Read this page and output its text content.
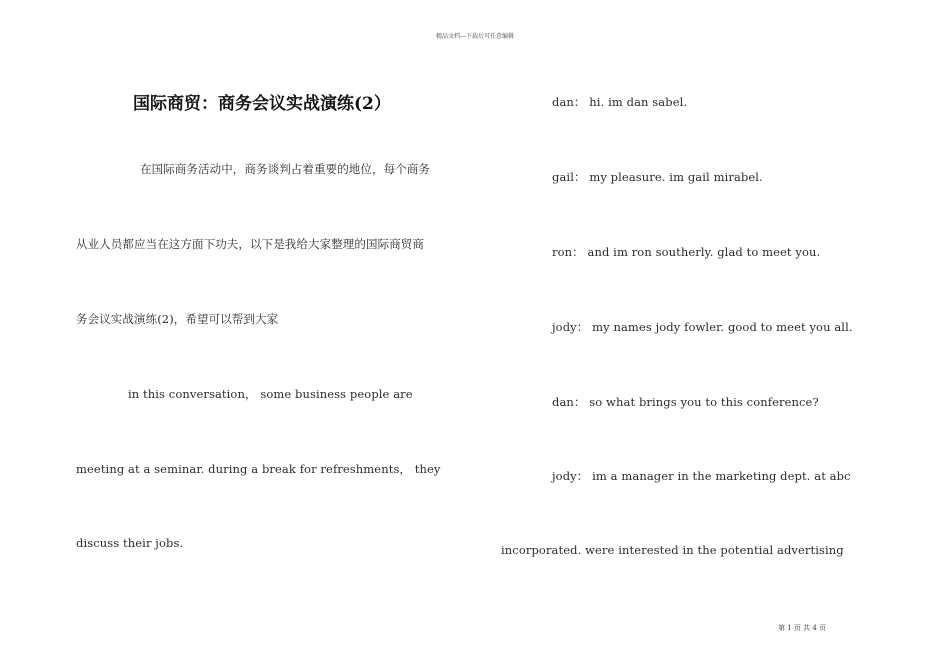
精品文档---下载后可任意编辑
国际商贸：商务会议实战演练(2）
在国际商务活动中，商务谈判占着重要的地位，每个商务
从业人员都应当在这方面下功夫，以下是我给大家整理的国际商贸商
务会议实战演练(2)，希望可以帮到大家
in this conversation， some business people are
meeting at a seminar. during a break for refreshments， they
discuss their jobs.
dan： hi. im dan sabel.
gail： my pleasure. im gail mirabel.
ron： and im ron southerly. glad to meet you.
jody： my names jody fowler. good to meet you all.
dan： so what brings you to this conference?
jody： im a manager in the marketing dept. at abc
incorporated. were interested in the potential advertising
第 1 页 共 4 页
